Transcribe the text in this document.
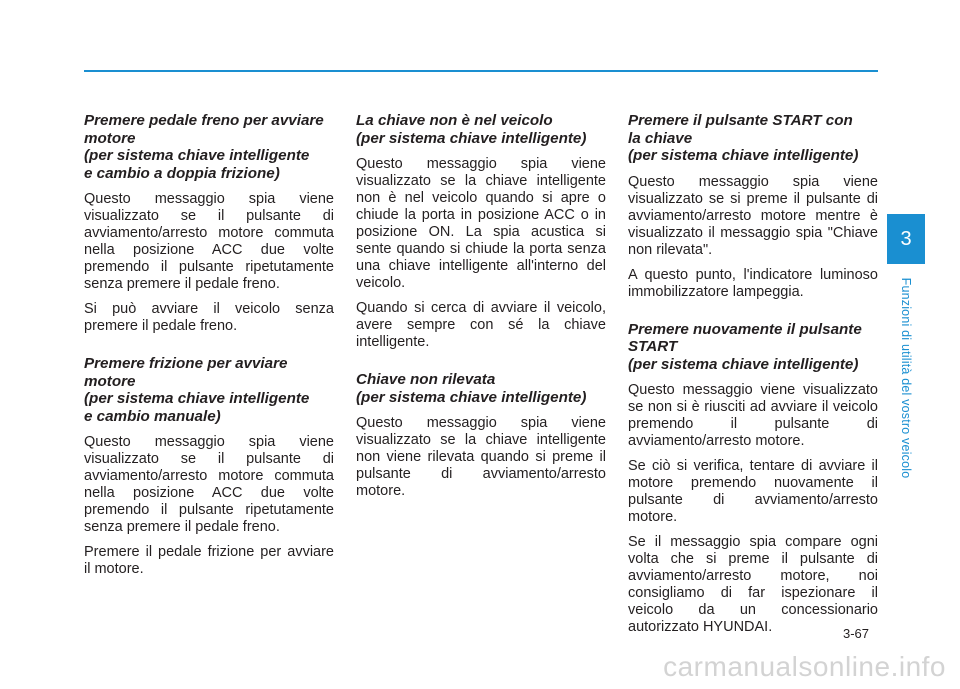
Premere pedale freno per avviare
motore
(per sistema chiave intelligente
e cambio a doppia frizione)

Questo messaggio spia viene visualizzato se il pulsante di avviamento/arresto motore commuta nella posizione ACC due volte premendo il pulsante ripetutamente senza premere il pedale freno.

Si può avviare il veicolo senza premere il pedale freno.

Premere frizione per avviare
motore
(per sistema chiave intelligente
e cambio manuale)

Questo messaggio spia viene visualizzato se il pulsante di avviamento/arresto motore commuta nella posizione ACC due volte premendo il pulsante ripetutamente senza premere il pedale freno.

Premere il pedale frizione per avviare il motore.

La chiave non è nel veicolo
(per sistema chiave intelligente)

Questo messaggio spia viene visualizzato se la chiave intelligente non è nel veicolo quando si apre o chiude la porta in posizione ACC o in posizione ON. La spia acustica si sente quando si chiude la porta senza una chiave intelligente all'interno del veicolo.

Quando si cerca di avviare il veicolo, avere sempre con sé la chiave intelligente.

Chiave non rilevata
(per sistema chiave intelligente)

Questo messaggio spia viene visualizzato se la chiave intelligente non viene rilevata quando si preme il pulsante di avviamento/arresto motore.

Premere il pulsante START con
la chiave
(per sistema chiave intelligente)

Questo messaggio spia viene visualizzato se si preme il pulsante di avviamento/arresto motore mentre è visualizzato il messaggio spia "Chiave non rilevata".

A questo punto, l'indicatore luminoso immobilizzatore lampeggia.

Premere nuovamente il pulsante
START
(per sistema chiave intelligente)

Questo messaggio viene visualizzato se non si è riusciti ad avviare il veicolo premendo il pulsante di avviamento/arresto motore.

Se ciò si verifica, tentare di avviare il motore premendo nuovamente il pulsante di avviamento/arresto motore.

Se il messaggio spia compare ogni volta che si preme il pulsante di avviamento/arresto motore, noi consigliamo di far ispezionare il veicolo da un concessionario autorizzato HYUNDAI.

3
Funzioni di utilità del vostro veicolo
3-67
carmanualsonline.info
